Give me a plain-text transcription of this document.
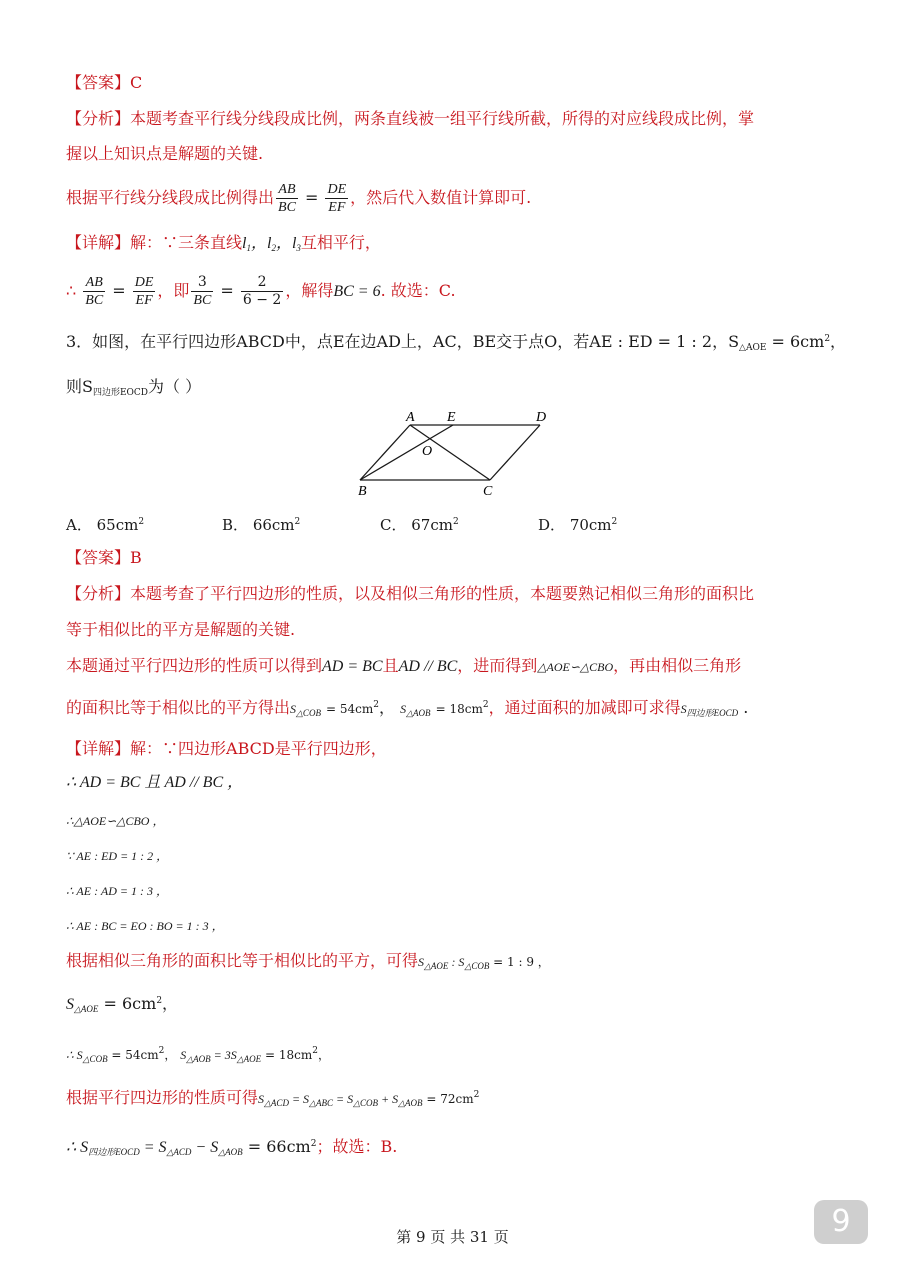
【答案】C
【分析】本题考查平行线分线段成比例，两条直线被一组平行线所截，所得的对应线段成比例，掌
握以上知识点是解题的关键.
根据平行线分线段成比例得出 $\frac{AB}{BC} = \frac{DE}{EF}$ ，然后代入数值计算即可.
【详解】解：∵三条直线$l_1$，$l_2$，$l_3$互相平行，
∴ $\frac{AB}{BC} = \frac{DE}{EF}$ ，即 $\frac{3}{BC} = \frac{2}{6 - 2}$ ，解得BC = 6. 故选：C.
3．如图，在平行四边形ABCD中，点E在边AD上，AC，BE交于点O，若AE : ED = 1 : 2，$S_{\triangle AOE} = 6cm^2$，
则$S_{四边形EOCD}$为（ ）
A E	D
O
B	C
A． $65cm^2$	B． $66cm^2$	C． $67cm^2$	D． $70cm^2$
【答案】B
【分析】本题考查了平行四边形的性质，以及相似三角形的性质，本题要熟记相似三角形的面积比
等于相似比的平方是解题的关键.
本题通过平行四边形的性质可以得到AD = BC且AD // BC，进而得到△AOE∽△CBO，再由相似三角形
的面积比等于相似比的平方得出$S_{\triangle COB} = 54cm^2$， $S_{\triangle AOB} = 18cm^2$，通过面积的加减即可求得$S_{四边形EOCD}$ .
【详解】解：∵四边形ABCD是平行四边形，
∴ AD = BC 且 AD // BC ，
∴△AOE∽△CBO ，
∵ AE : ED = 1 : 2 ，
∴ AE : AD = 1 : 3 ，
∴ AE : BC = EO : BO = 1 : 3 ，
根据相似三角形的面积比等于相似比的平方，可得$S_{\triangle AOE}$ : $S_{\triangle COB} = 1$ : 9 ，
$S_{\triangle AOE} = 6cm^2$，
∴ $S_{\triangle COB} = 54cm^2$， $S_{\triangle AOB} = 3S_{\triangle AOE} = 18cm^2$，
根据平行四边形的性质可得$S_{\triangle ACD} = S_{\triangle ABC} = S_{\triangle COB} + S_{\triangle AOB} = 72cm^2$
∴ $S_{四边形EOCD} = S_{\triangle ACD} - S_{\triangle AOB} = 66cm^2$；故选：B.
第 9 页 共 31 页	9
